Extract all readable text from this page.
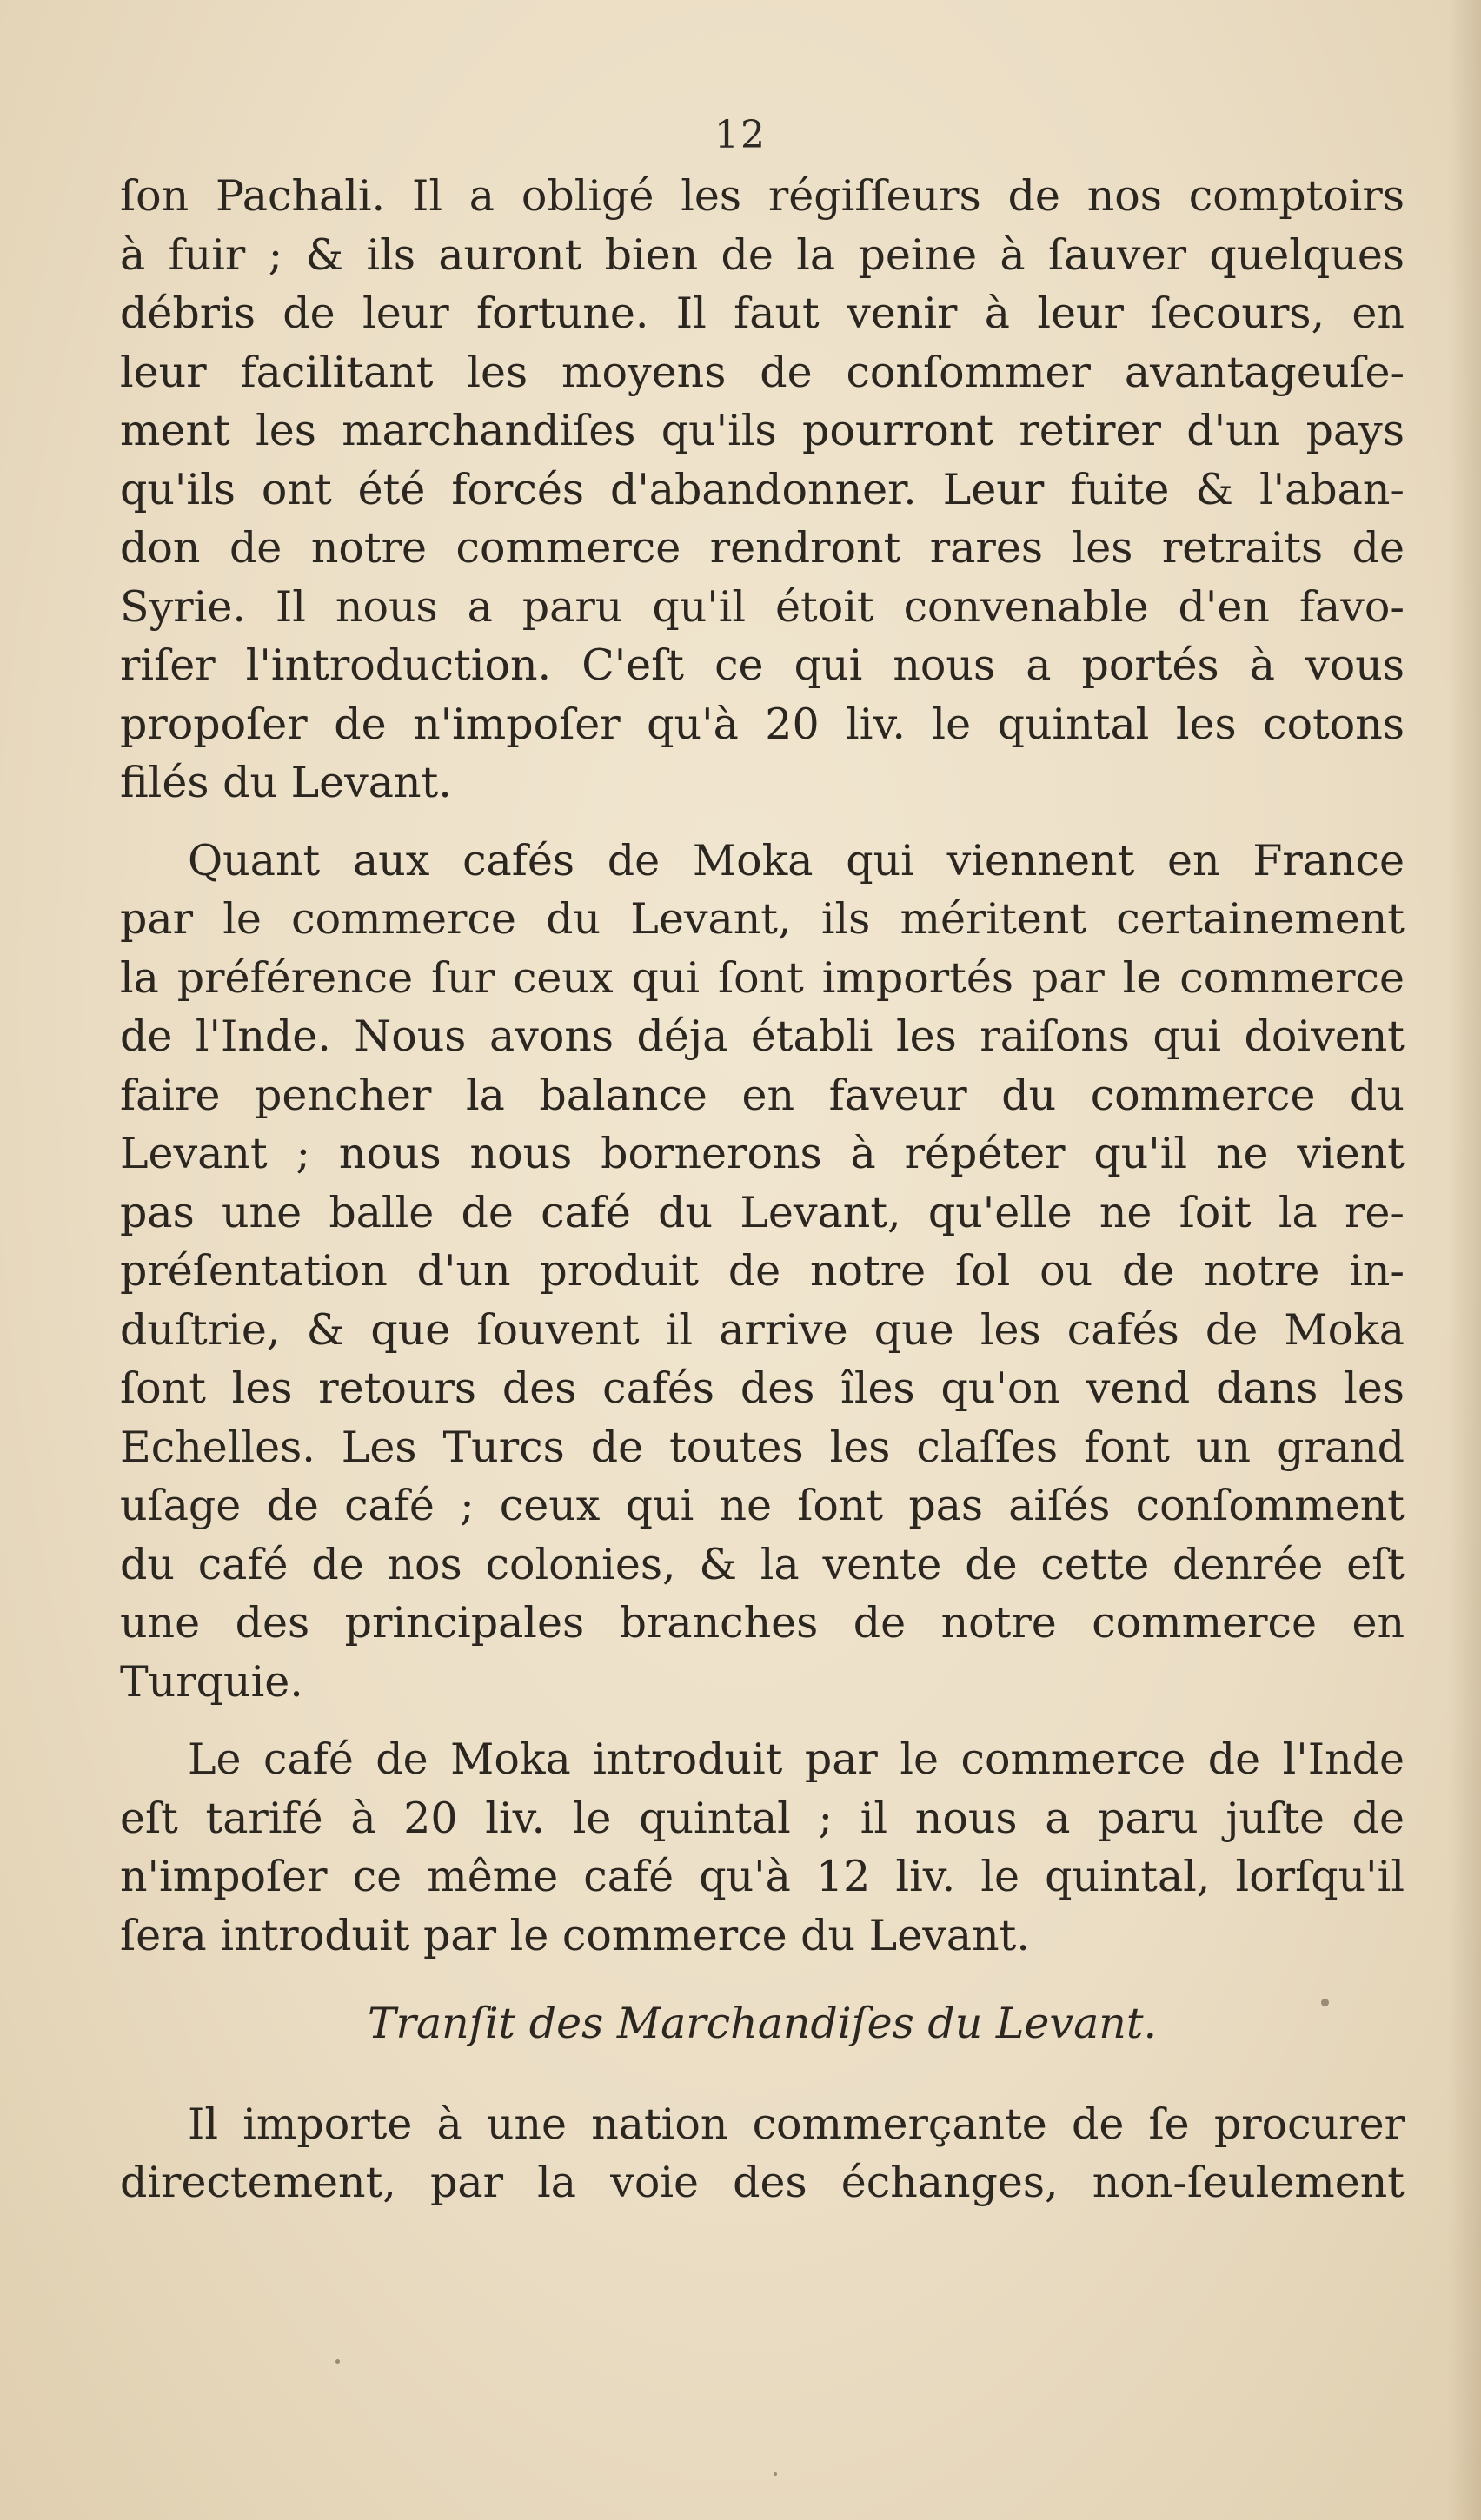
12

ſon Pachali. Il a obligé les régiſſeurs de nos comptoirs
à fuir ; & ils auront bien de la peine à ſauver quelques
débris de leur fortune. Il faut venir à leur ſecours, en
leur facilitant les moyens de conſommer avantageuſe-
ment les marchandiſes qu'ils pourront retirer d'un pays
qu'ils ont été forcés d'abandonner. Leur fuite & l'aban-
don de notre commerce rendront rares les retraits de
Syrie. Il nous a paru qu'il étoit convenable d'en favo-
riſer l'introduction. C'eſt ce qui nous a portés à vous
propoſer de n'impoſer qu'à 20 liv. le quintal les cotons
filés du Levant.

Quant aux cafés de Moka qui viennent en France
par le commerce du Levant, ils méritent certainement
la préférence ſur ceux qui ſont importés par le commerce
de l'Inde. Nous avons déja établi les raiſons qui doivent
faire pencher la balance en faveur du commerce du
Levant ; nous nous bornerons à répéter qu'il ne vient
pas une balle de café du Levant, qu'elle ne ſoit la re-
préſentation d'un produit de notre ſol ou de notre in-
duſtrie, & que ſouvent il arrive que les cafés de Moka
ſont les retours des cafés des îles qu'on vend dans les
Echelles. Les Turcs de toutes les claſſes font un grand
uſage de café ; ceux qui ne ſont pas aiſés conſomment
du café de nos colonies, & la vente de cette denrée eſt
une des principales branches de notre commerce en
Turquie.

Le café de Moka introduit par le commerce de l'Inde
eſt tarifé à 20 liv. le quintal ; il nous a paru juſte de
n'impoſer ce même café qu'à 12 liv. le quintal, lorſqu'il
ſera introduit par le commerce du Levant.

Tranſit des Marchandiſes du Levant.

Il importe à une nation commerçante de ſe procurer
directement, par la voie des échanges, non-ſeulement
